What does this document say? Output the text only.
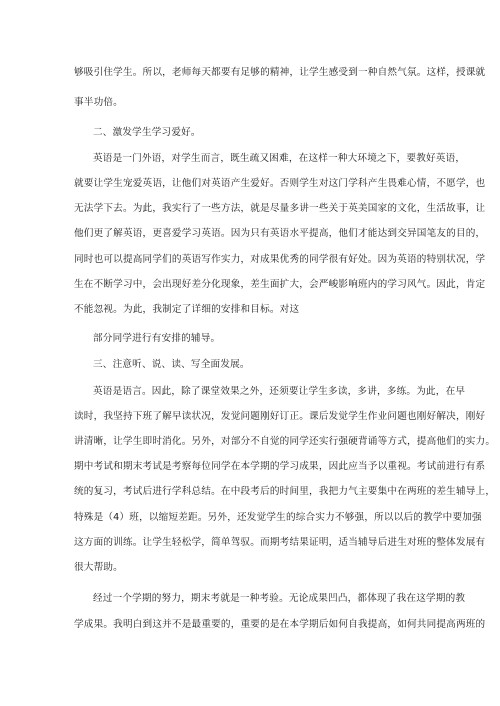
够吸引住学生。所以，老师每天都要有足够的精神，让学生感受到一种自然气氛。这样，授课就
事半功倍。
二、激发学生学习爱好。
英语是一门外语，对学生而言，既生疏又困难，在这样一种大环境之下，要教好英语，
就要让学生宠爱英语，让他们对英语产生爱好。否则学生对这门学科产生畏难心情，不愿学，也
无法学下去。为此，我实行了一些方法，就是尽量多讲一些关于英美国家的文化，生活故事，让
他们更了解英语，更喜爱学习英语。因为只有英语水平提高，他们才能达到交异国笔友的目的，
同时也可以提高同学们的英语写作实力，对成果优秀的同学很有好处。因为英语的特别状况，学
生在不断学习中，会出现好差分化现象，差生面扩大，会严峻影响班内的学习风气。因此，肯定
不能忽视。为此，我制定了详细的安排和目标。对这
部分同学进行有安排的辅导。
三、注意听、说、读、写全面发展。
英语是语言。因此，除了课堂效果之外，还须要让学生多读，多讲，多练。为此，在早
读时，我坚持下班了解早读状况，发觉问题刚好订正。课后发觉学生作业问题也刚好解决，刚好
讲清晰，让学生即时消化。另外，对部分不自觉的同学还实行强硬背诵等方式，提高他们的实力。
期中考试和期末考试是考察每位同学在本学期的学习成果，因此应当予以重视。考试前进行有系
统的复习，考试后进行学科总结。在中段考后的时间里，我把力气主要集中在两班的差生辅导上，
特殊是（4）班，以缩短差距。另外，还发觉学生的综合实力不够强，所以以后的教学中要加强
这方面的训练。让学生轻松学，简单驾驭。而期考结果证明，适当辅导后进生对班的整体发展有
很大帮助。
经过一个学期的努力，期末考就是一种考验。无论成果凹凸，都体现了我在这学期的教
学成果。我明白到这并不是最重要的，重要的是在本学期后如何自我提高，如何共同提高两班的
